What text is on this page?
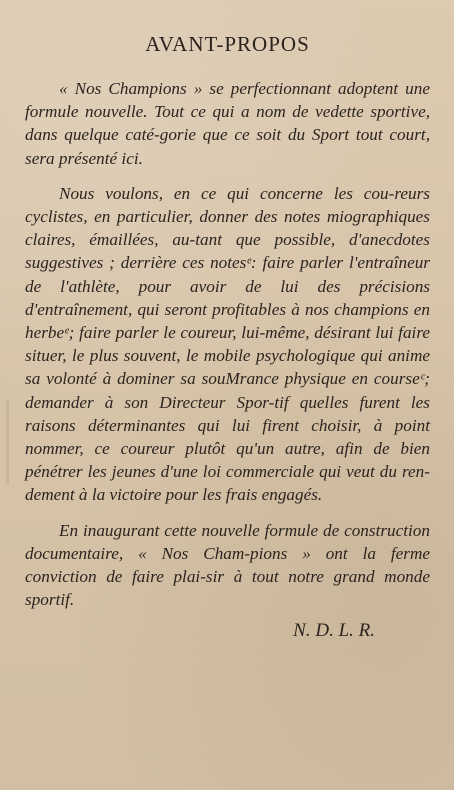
AVANT-PROPOS

« Nos Champions » se perfectionnant adoptent une formule nouvelle. Tout ce qui a nom de vedette sportive, dans quelque caté-gorie que ce soit du Sport tout court, sera présenté ici.

Nous voulons, en ce qui concerne les cou-reurs cyclistes, en particulier, donner des notes miographiques claires, émaillées, au-tant que possible, d'anecdotes suggestives ; derrière ces notesᵉ: faire parler l'entraîneur de l'athlète, pour avoir de lui des précisions d'entraînement, qui seront profitables à nos champions en herbeᵉ; faire parler le coureur, lui-même, désirant lui faire situer, le plus souvent, le mobile psychologique qui anime sa volonté à dominer sa souMrance physique en courseᶜ; demander à son Directeur Spor-tif quelles furent les raisons déterminantes qui lui firent choisir, à point nommer, ce coureur plutôt qu'un autre, afin de bien pénétrer les jeunes d'une loi commerciale qui veut du ren-dement à la victoire pour les frais engagés.

En inaugurant cette nouvelle formule de construction documentaire, « Nos Cham-pions » ont la ferme conviction de faire plai-sir à tout notre grand monde sportif.

N. D. L. R.
